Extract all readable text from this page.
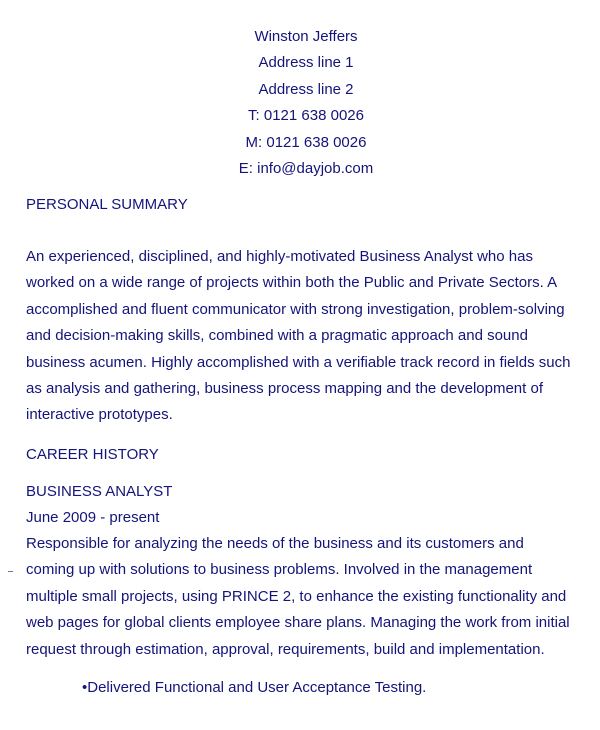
Winston Jeffers
Address line 1
Address line 2
T: 0121 638 0026
M: 0121 638 0026
E: info@dayjob.com
PERSONAL SUMMARY
An experienced, disciplined, and highly-motivated Business Analyst who has
worked on a wide range of projects within both the Public and Private Sectors. A
accomplished and fluent communicator with strong investigation, problem-solving
and decision-making skills, combined with a pragmatic approach and sound
business acumen. Highly accomplished with a verifiable track record in fields such
as analysis and gathering, business process mapping and the development of
interactive prototypes.
CAREER HISTORY
BUSINESS ANALYST
June 2009 - present
Responsible for analyzing the needs of the business and its customers and
coming up with solutions to business problems. Involved in the management
multiple small projects, using PRINCE 2, to enhance the existing functionality and
web pages for global clients employee share plans. Managing the work from initial
request through estimation, approval, requirements, build and implementation.
•Delivered Functional and User Acceptance Testing.
